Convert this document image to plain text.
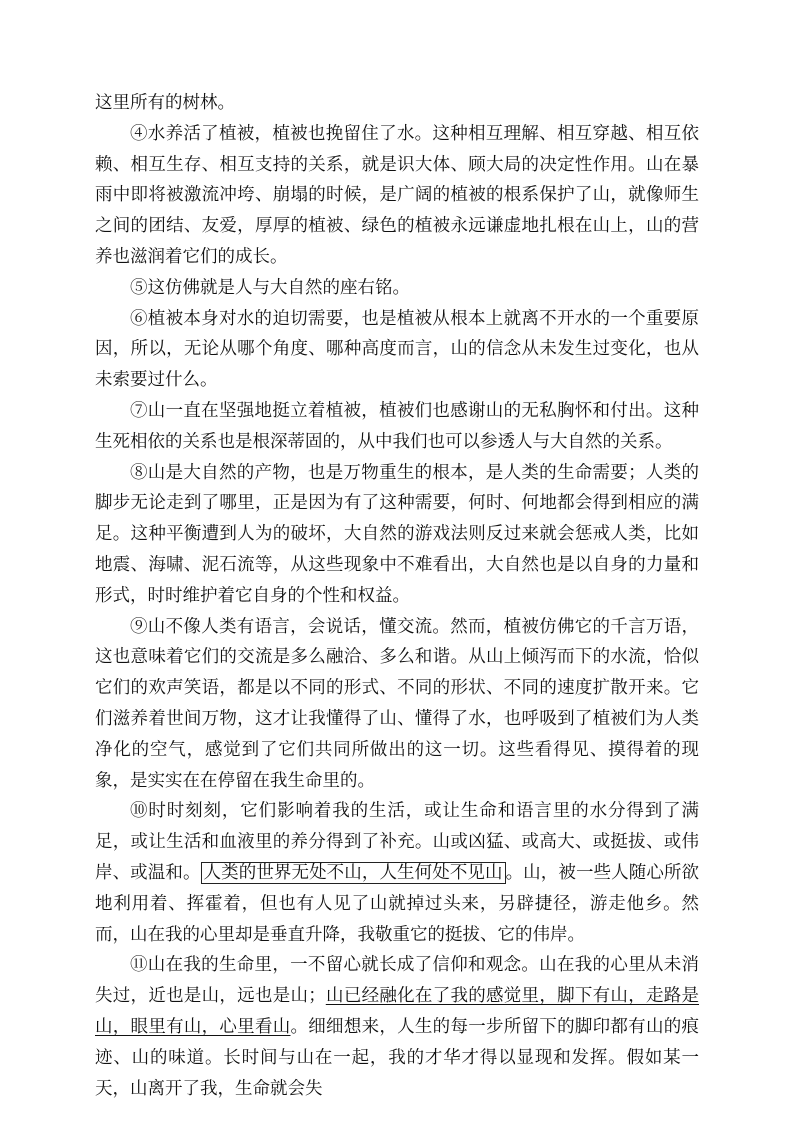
这里所有的树林。

④水养活了植被，植被也挽留住了水。这种相互理解、相互穿越、相互依赖、相互生存、相互支持的关系，就是识大体、顾大局的决定性作用。山在暴雨中即将被激流冲垮、崩塌的时候，是广阔的植被的根系保护了山，就像师生之间的团结、友爱，厚厚的植被、绿色的植被永远谦虚地扎根在山上，山的营养也滋润着它们的成长。

⑤这仿佛就是人与大自然的座右铭。

⑥植被本身对水的迫切需要，也是植被从根本上就离不开水的一个重要原因，所以，无论从哪个角度、哪种高度而言，山的信念从未发生过变化，也从未索要过什么。

⑦山一直在坚强地挺立着植被，植被们也感谢山的无私胸怀和付出。这种生死相依的关系也是根深蒂固的，从中我们也可以参透人与大自然的关系。

⑧山是大自然的产物，也是万物重生的根本，是人类的生命需要；人类的脚步无论走到了哪里，正是因为有了这种需要，何时、何地都会得到相应的满足。这种平衡遭到人为的破坏，大自然的游戏法则反过来就会惩戒人类，比如地震、海啸、泥石流等，从这些现象中不难看出，大自然也是以自身的力量和形式，时时维护着它自身的个性和权益。

⑨山不像人类有语言，会说话，懂交流。然而，植被仿佛它的千言万语，这也意味着它们的交流是多么融洽、多么和谐。从山上倾泻而下的水流，恰似它们的欢声笑语，都是以不同的形式、不同的形状、不同的速度扩散开来。它们滋养着世间万物，这才让我懂得了山、懂得了水，也呼吸到了植被们为人类净化的空气，感觉到了它们共同所做出的这一切。这些看得见、摸得着的现象，是实实在在停留在我生命里的。

⑩时时刻刻，它们影响着我的生活，或让生命和语言里的水分得到了满足，或让生活和血液里的养分得到了补充。山或凶猛、或高大、或挺拔、或伟岸、或温和。 人类的世界无处不山，人生何处不见山 。山，被一些人随心所欲地利用着、挥霍着，但也有人见了山就掉过头来，另辟捷径，游走他乡。然而，山在我的心里却是垂直升降，我敬重它的挺拔、它的伟岸。

⑪山在我的生命里，一不留心就长成了信仰和观念。山在我的心里从未消失过，近也是山，远也是山；山已经融化在了我的感觉里，脚下有山，走路是山，眼里有山，心里看山。细细想来，人生的每一步所留下的脚印都有山的痕迹、山的味道。长时间与山在一起，我的才华才得以显现和发挥。假如某一天，山离开了我，生命就会失
